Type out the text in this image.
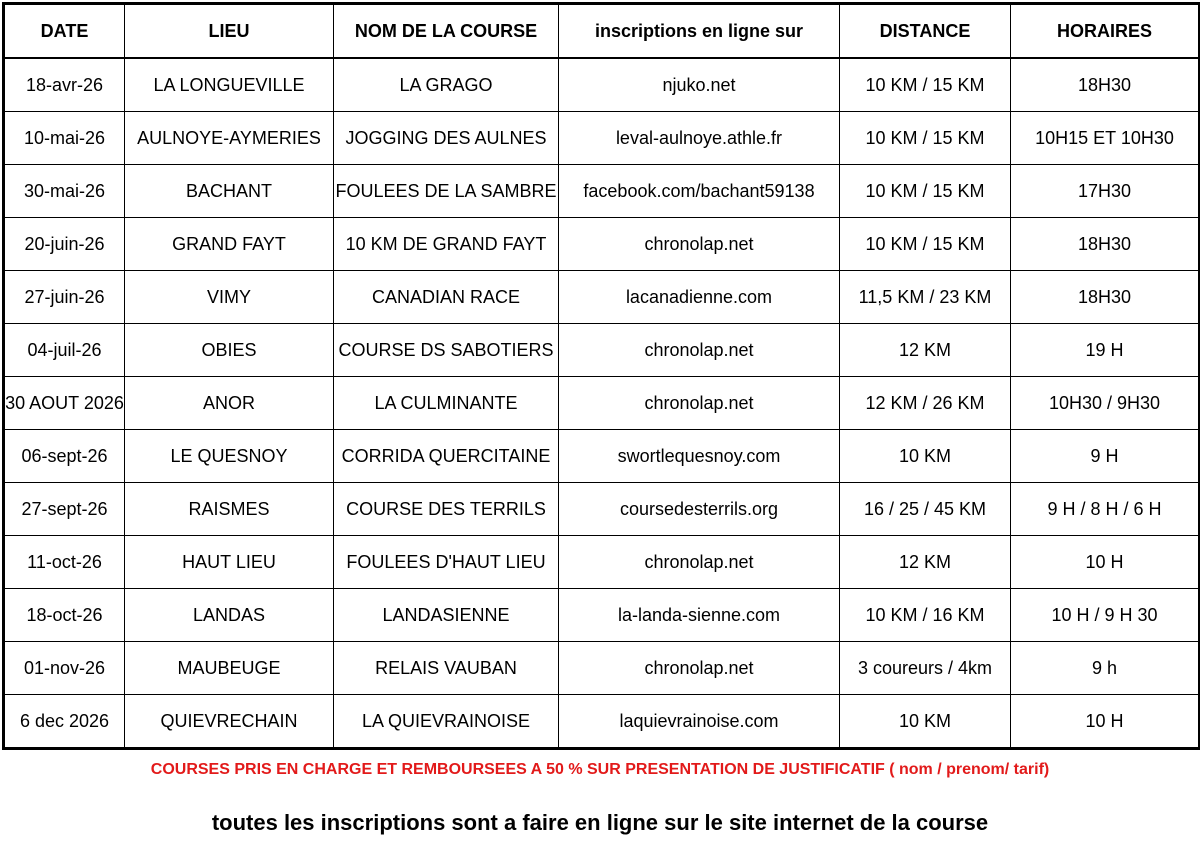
DATE	LIEU	NOM DE LA COURSE	inscriptions en ligne sur	DISTANCE	HORAIRES
18-avr-26	LA LONGUEVILLE	LA GRAGO	njuko.net	10 KM / 15 KM	18H30
10-mai-26	AULNOYE-AYMERIES	JOGGING DES AULNES	leval-aulnoye.athle.fr	10 KM / 15 KM	10H15 ET 10H30
30-mai-26	BACHANT	FOULEES DE LA SAMBRE	facebook.com/bachant59138	10 KM / 15 KM	17H30
20-juin-26	GRAND FAYT	10 KM DE GRAND FAYT	chronolap.net	10 KM / 15 KM	18H30
27-juin-26	VIMY	CANADIAN RACE	lacanadienne.com	11,5 KM / 23 KM	18H30
04-juil-26	OBIES	COURSE DS SABOTIERS	chronolap.net	12 KM	19 H
30 AOUT 2026	ANOR	LA CULMINANTE	chronolap.net	12 KM / 26 KM	10H30 / 9H30
06-sept-26	LE QUESNOY	CORRIDA QUERCITAINE	swortlequesnoy.com	10 KM	9 H
27-sept-26	RAISMES	COURSE DES TERRILS	coursedesterrils.org	16 / 25 / 45 KM	9 H / 8 H / 6 H
11-oct-26	HAUT LIEU	FOULEES D'HAUT LIEU	chronolap.net	12 KM	10 H
18-oct-26	LANDAS	LANDASIENNE	la-landa-sienne.com	10 KM / 16 KM	10 H / 9 H 30
01-nov-26	MAUBEUGE	RELAIS VAUBAN	chronolap.net	3 coureurs / 4km	9 h
6 dec 2026	QUIEVRECHAIN	LA QUIEVRAINOISE	laquievrainoise.com	10 KM	10 H
COURSES PRIS EN CHARGE ET REMBOURSEES A 50 % SUR PRESENTATION DE JUSTIFICATIF ( nom / prenom/ tarif)
toutes les inscriptions sont a faire en ligne sur le site internet de la course
